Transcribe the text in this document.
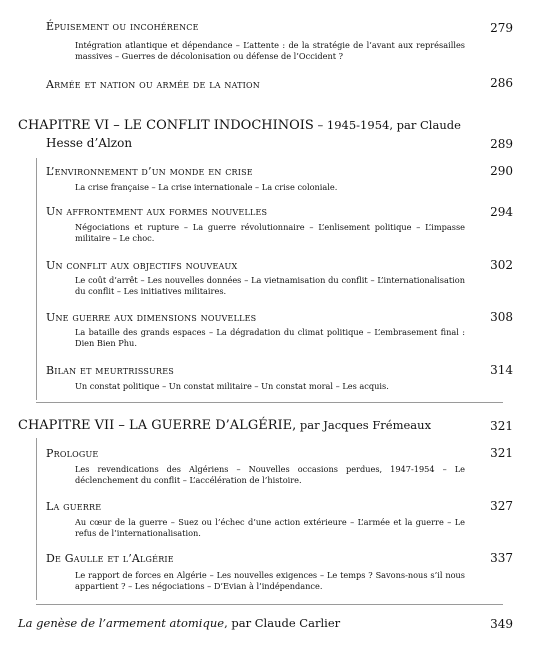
Épuisement ou incohérence	279
Intégration atlantique et dépendance – L’attente : de la stratégie de l’avant aux représailles massives – Guerres de décolonisation ou défense de l’Occident ?
Armée et nation ou armée de la nation	286
CHAPITRE VI – LE CONFLIT INDOCHINOIS – 1945-1954, par Claude
Hesse d’Alzon	289
L’environnement d’un monde en crise	290
La crise française – La crise internationale – La crise coloniale.
Un affrontement aux formes nouvelles	294
Négociations et rupture – La guerre révolutionnaire – L’enlisement politique – L’impasse militaire – Le choc.
Un conflit aux objectifs nouveaux	302
Le coût d’arrêt – Les nouvelles données – La vietnamisation du conflit – L’internationalisation du conflit – Les initiatives militaires.
Une guerre aux dimensions nouvelles	308
La bataille des grands espaces – La dégradation du climat politique – L’embrasement final : Dien Bien Phu.
Bilan et meurtrissures	314
Un constat politique – Un constat militaire – Un constat moral – Les acquis.
CHAPITRE VII – LA GUERRE D’ALGÉRIE, par Jacques Frémeaux	321
Prologue	321
Les revendications des Algériens – Nouvelles occasions perdues, 1947-1954 – Le déclenchement du conflit – L’accélération de l’histoire.
La guerre	327
Au cœur de la guerre – Suez ou l’échec d’une action extérieure – L’armée et la guerre – Le refus de l’internationalisation.
De Gaulle et l’Algérie	337
Le rapport de forces en Algérie – Les nouvelles exigences – Le temps ? Savons-nous s’il nous appartient ? – Les négociations – D’Evian à l’indépendance.
La genèse de l’armement atomique, par Claude Carlier	349
